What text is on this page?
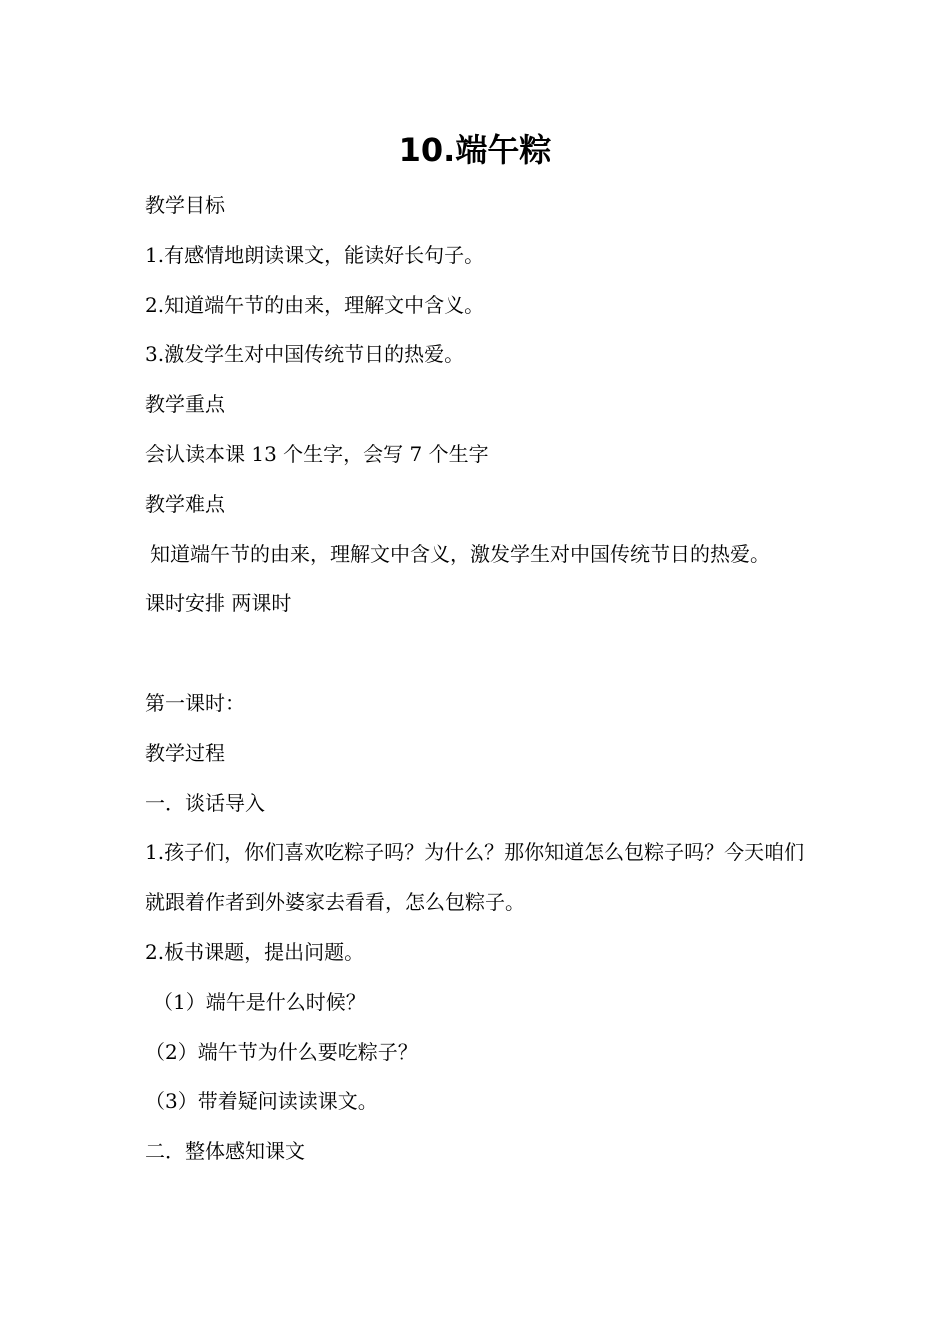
10.端午粽
教学目标
1.有感情地朗读课文，能读好长句子。
2.知道端午节的由来，理解文中含义。
3.激发学生对中国传统节日的热爱。
教学重点
会认读本课 13 个生字，会写 7 个生字
教学难点
知道端午节的由来，理解文中含义，激发学生对中国传统节日的热爱。
课时安排 两课时
第一课时：
教学过程
一．谈话导入
1.孩子们，你们喜欢吃粽子吗？为什么？那你知道怎么包粽子吗？今天咱们就跟着作者到外婆家去看看，怎么包粽子。
2.板书课题，提出问题。
（1）端午是什么时候？
（2）端午节为什么要吃粽子？
（3）带着疑问读读课文。
二．整体感知课文
